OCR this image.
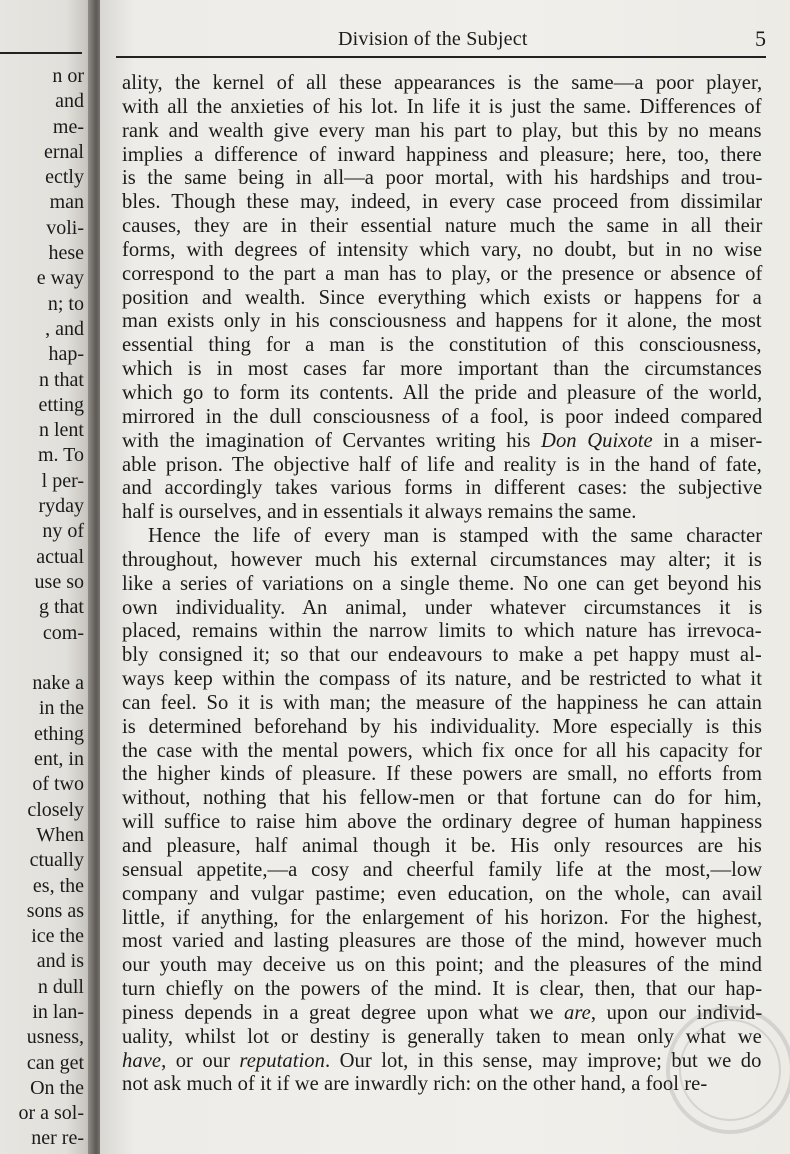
n or
and
me-
ernal
ectly
man
voli-
hese
e way
n; to
, and
hap-
n that
etting
n lent
m. To
l per-
ryday
ny of
actual
use so
g that
com-
nake a
in the
ething
ent, in
of two
closely
When
ctually
es, the
sons as
ice the
and is
n dull
in lan-
usness,
can get
On the
or a sol-
ner re-
Division of the Subject	5
ality, the kernel of all these appearances is the same—a poor player,
with all the anxieties of his lot. In life it is just the same. Differences of
rank and wealth give every man his part to play, but this by no means
implies a difference of inward happiness and pleasure; here, too, there
is the same being in all—a poor mortal, with his hardships and trou-
bles. Though these may, indeed, in every case proceed from dissimilar
causes, they are in their essential nature much the same in all their
forms, with degrees of intensity which vary, no doubt, but in no wise
correspond to the part a man has to play, or the presence or absence of
position and wealth. Since everything which exists or happens for a
man exists only in his consciousness and happens for it alone, the most
essential thing for a man is the constitution of this consciousness,
which is in most cases far more important than the circumstances
which go to form its contents. All the pride and pleasure of the world,
mirrored in the dull consciousness of a fool, is poor indeed compared
with the imagination of Cervantes writing his Don Quixote in a miser-
able prison. The objective half of life and reality is in the hand of fate,
and accordingly takes various forms in different cases: the subjective
half is ourselves, and in essentials it always remains the same.
Hence the life of every man is stamped with the same character
throughout, however much his external circumstances may alter; it is
like a series of variations on a single theme. No one can get beyond his
own individuality. An animal, under whatever circumstances it is
placed, remains within the narrow limits to which nature has irrevoca-
bly consigned it; so that our endeavours to make a pet happy must al-
ways keep within the compass of its nature, and be restricted to what it
can feel. So it is with man; the measure of the happiness he can attain
is determined beforehand by his individuality. More especially is this
the case with the mental powers, which fix once for all his capacity for
the higher kinds of pleasure. If these powers are small, no efforts from
without, nothing that his fellow-men or that fortune can do for him,
will suffice to raise him above the ordinary degree of human happiness
and pleasure, half animal though it be. His only resources are his
sensual appetite,—a cosy and cheerful family life at the most,—low
company and vulgar pastime; even education, on the whole, can avail
little, if anything, for the enlargement of his horizon. For the highest,
most varied and lasting pleasures are those of the mind, however much
our youth may deceive us on this point; and the pleasures of the mind
turn chiefly on the powers of the mind. It is clear, then, that our hap-
piness depends in a great degree upon what we are, upon our individ-
uality, whilst lot or destiny is generally taken to mean only what we
have, or our reputation. Our lot, in this sense, may improve; but we do
not ask much of it if we are inwardly rich: on the other hand, a fool re-
